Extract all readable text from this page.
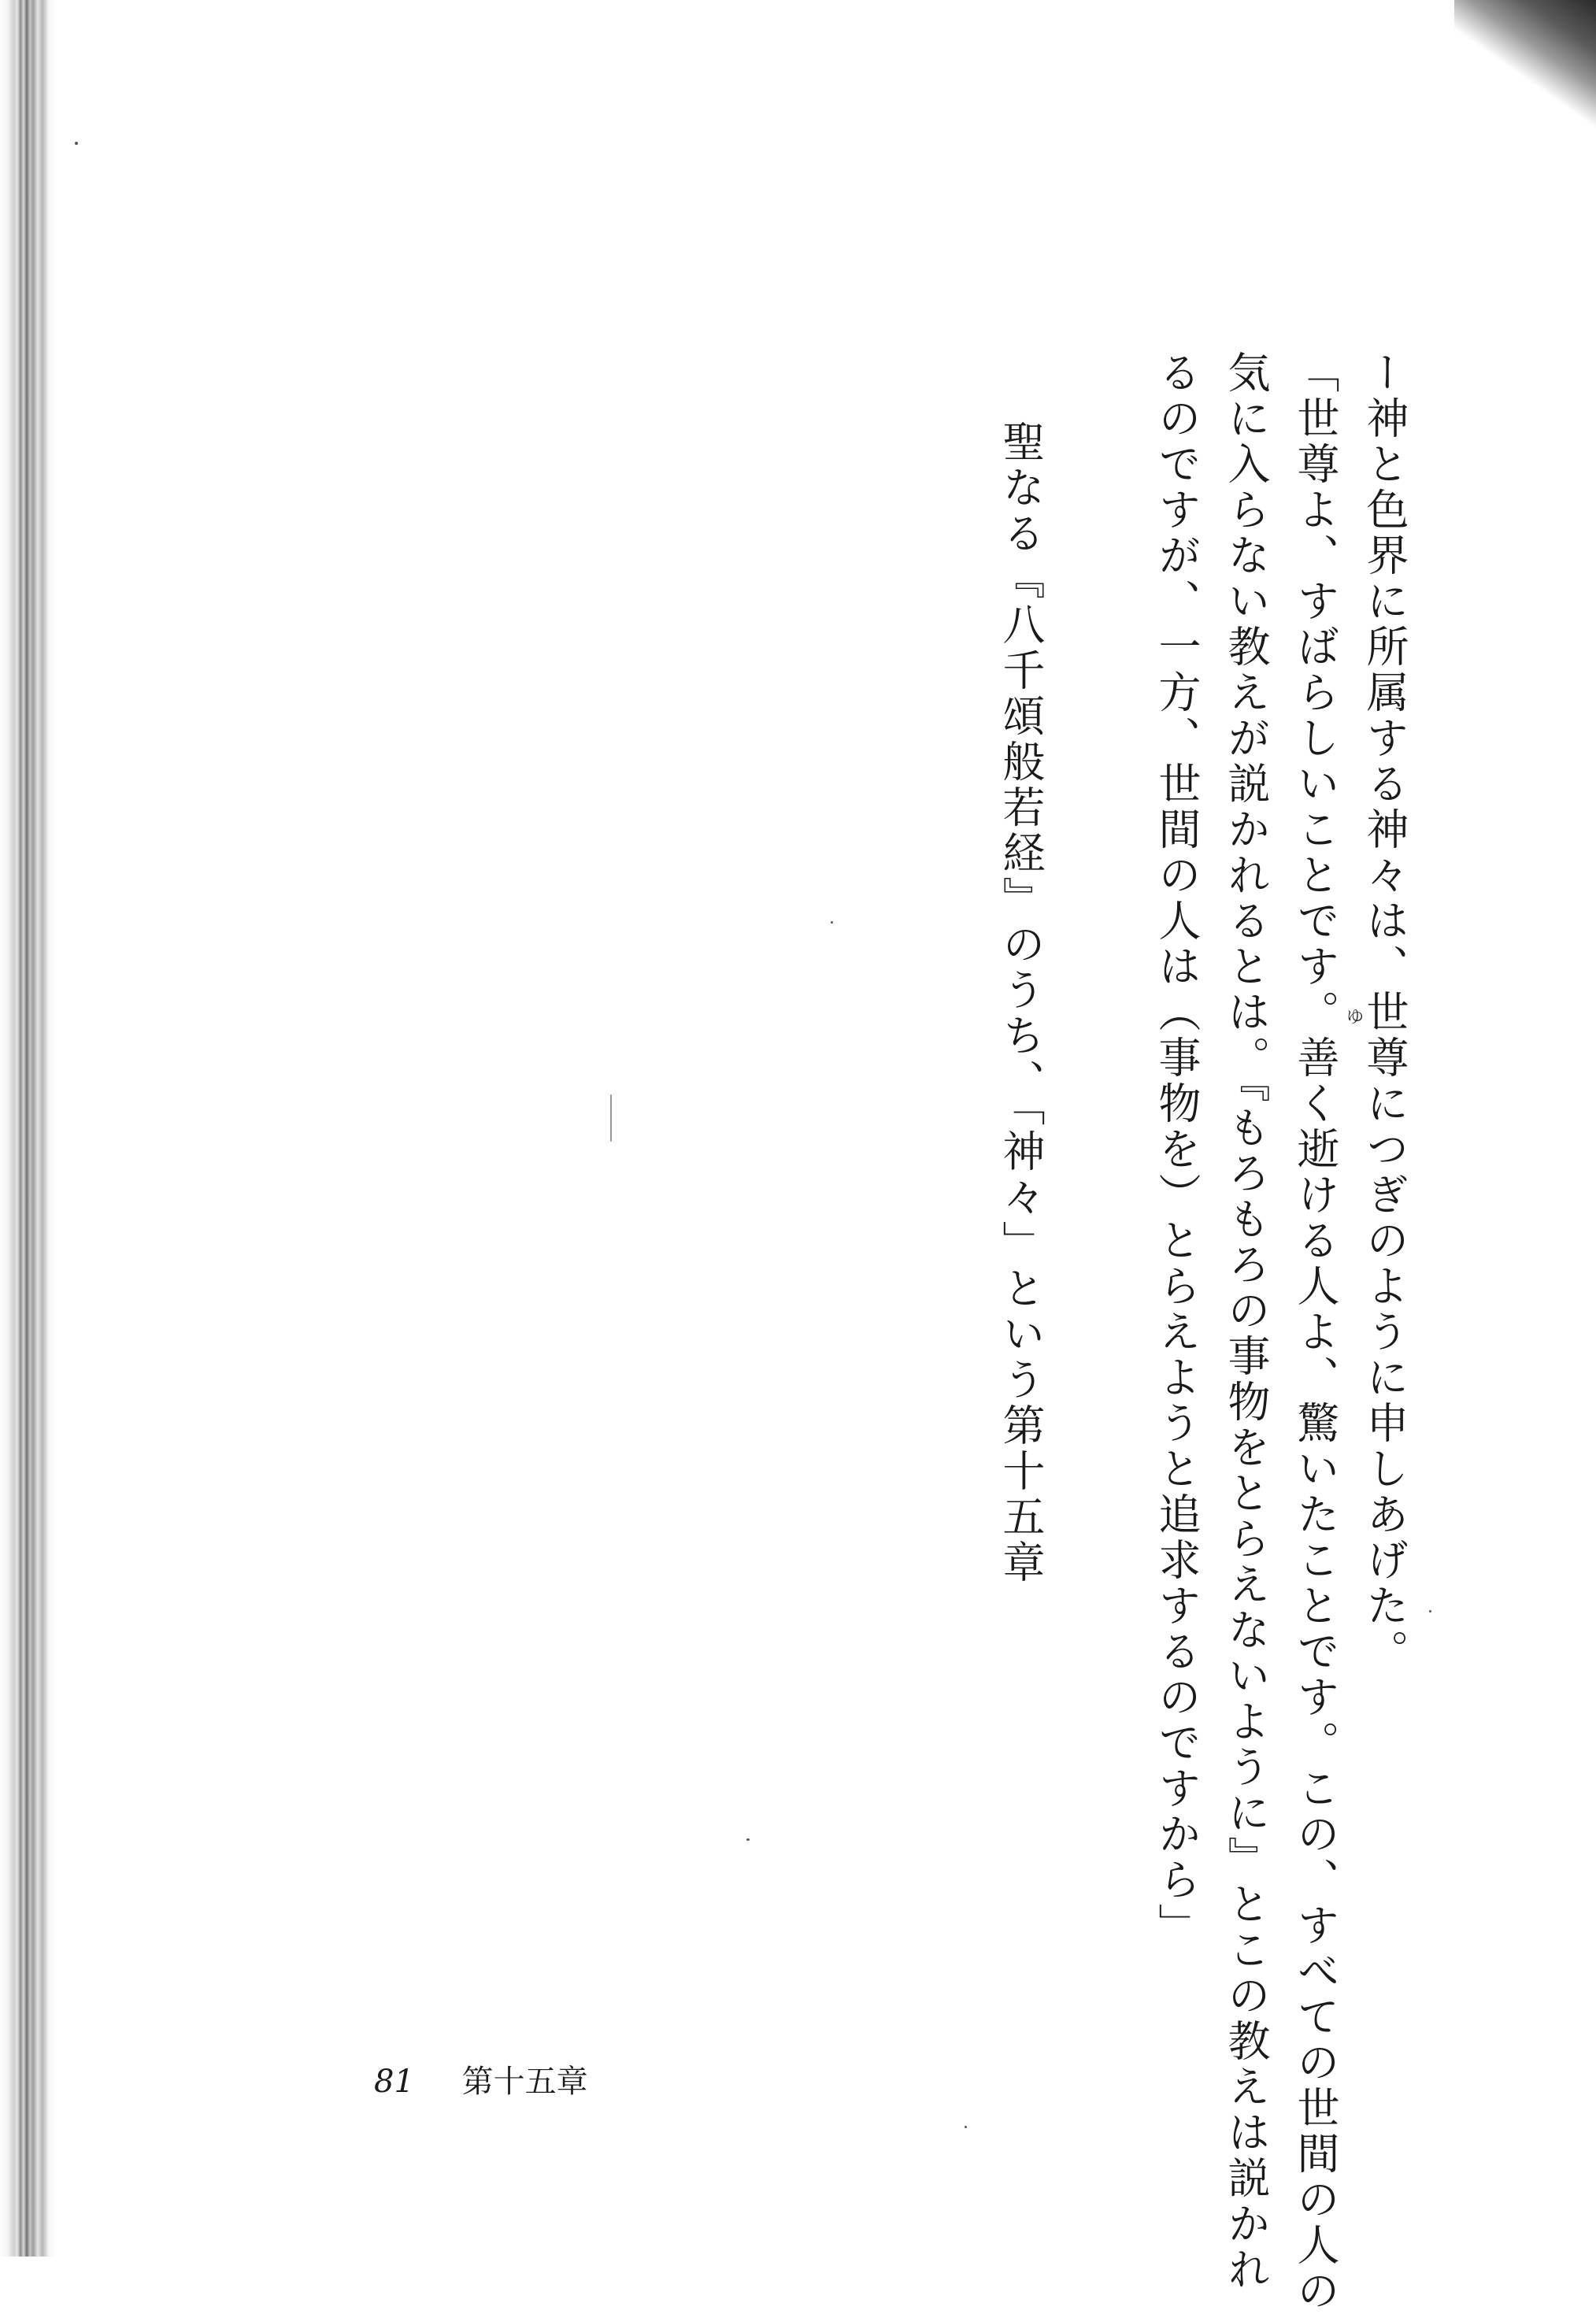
ー神と色界に所属する神々は、世尊につぎのように申しあげた。

「世尊よ、すばらしいことです。善く逝ける人よ、驚いたことです。この、すべての世間の人の

気に入らない教えが説かれるとは。『もろもろの事物をとらえないように』とこの教えは説かれ

るのですが、一方、世間の人は（事物を）とらえようと追求するのですから」

聖なる『八千頌般若経』のうち、「神々」という第十五章	ゆ
81 第十五章
